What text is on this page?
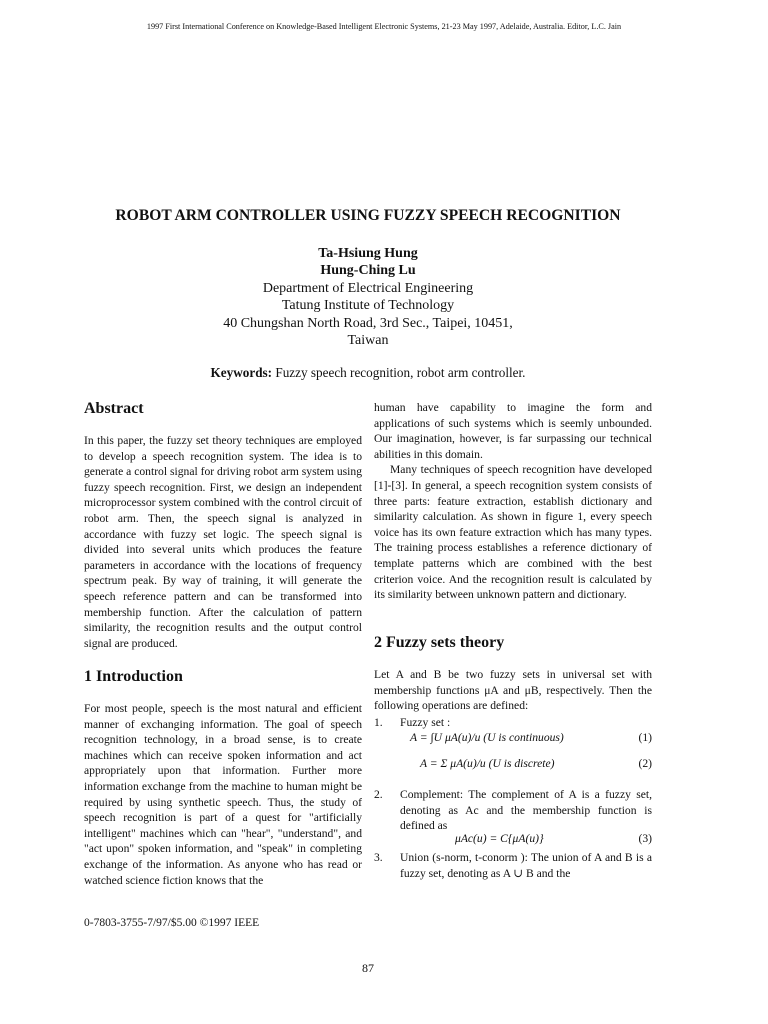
1997 First International Conference on Knowledge-Based Intelligent Electronic Systems, 21-23 May 1997, Adelaide, Australia. Editor, L.C. Jain
ROBOT ARM CONTROLLER USING FUZZY SPEECH RECOGNITION
Ta-Hsiung Hung
Hung-Ching Lu
Department of Electrical Engineering
Tatung Institute of Technology
40 Chungshan North Road, 3rd Sec., Taipei, 10451,
Taiwan
Keywords: Fuzzy speech recognition, robot arm controller.
Abstract

In this paper, the fuzzy set theory techniques are employed to develop a speech recognition system. The idea is to generate a control signal for driving robot arm system using fuzzy speech recognition. First, we design an independent microprocessor system combined with the control circuit of robot arm. Then, the speech signal is analyzed in accordance with fuzzy set logic. The speech signal is divided into several units which produces the feature parameters in accordance with the locations of frequency spectrum peak. By way of training, it will generate the speech reference pattern and can be transformed into membership function. After the calculation of pattern similarity, the recognition results and the output control signal are produced.

1 Introduction

For most people, speech is the most natural and efficient manner of exchanging information. The goal of speech recognition technology, in a broad sense, is to create machines which can receive spoken information and act appropriately upon that information. Further more information exchange from the machine to human might be required by using synthetic speech. Thus, the study of speech recognition is part of a quest for "artificially intelligent" machines which can "hear", "understand", and "act upon" spoken information, and "speak" in completing exchange of the information. As anyone who has read or watched science fiction knows that the

human have capability to imagine the form and applications of such systems which is seemly unbounded. Our imagination, however, is far surpassing our technical abilities in this domain.

Many techniques of speech recognition have developed [1]-[3]. In general, a speech recognition system consists of three parts: feature extraction, establish dictionary and similarity calculation. As shown in figure 1, every speech voice has its own feature extraction which has many types. The training process establishes a reference dictionary of template patterns which are combined with the best criterion voice. And the recognition result is calculated by its similarity between unknown pattern and dictionary.

2 Fuzzy sets theory

Let A and B be two fuzzy sets in universal set with membership functions μA and μB, respectively. Then the following operations are defined:

1.	Fuzzy set :
A = ∫U μA(u)/u (U is continuous)	(1)
A = Σ μA(u)/u (U is discrete)	(2)
2.	Complement: The complement of A is a fuzzy set, denoting as Ac and the membership function is defined as
μAc(u) = C{μA(u)}	(3)
3.	Union (s-norm, t-conorm ): The union of A and B is a fuzzy set, denoting as A ∪ B and the
0-7803-3755-7/97/$5.00 ©1997 IEEE
87
